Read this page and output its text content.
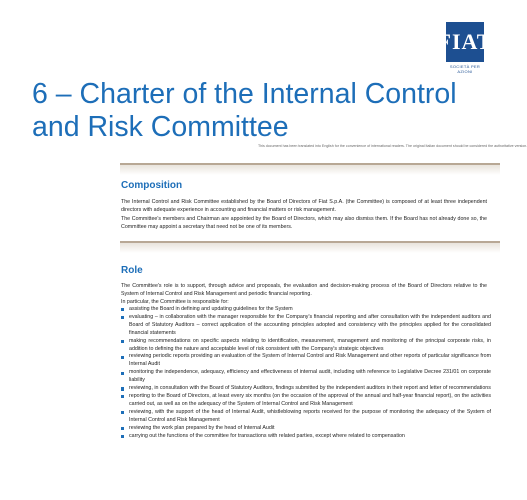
FIAT
SOCIETÀ PER AZIONI
6 – Charter of the Internal Control and Risk Committee
This document has been translated into English for the convenience of international readers. The original Italian document should be considered the authoritative version.
Composition

The Internal Control and Risk Committee established by the Board of Directors of Fiat S.p.A. (the Committee) is composed of at least three independent directors with adequate experience in accounting and financial matters or risk management.

The Committee's members and Chairman are appointed by the Board of Directors, which may also dismiss them. If the Board has not already done so, the Committee may appoint a secretary that need not be one of its members.

Role

The Committee's role is to support, through advice and proposals, the evaluation and decision-making process of the Board of Directors relative to the System of Internal Control and Risk Management and periodic financial reporting.

In particular, the Committee is responsible for:

assisting the Board in defining and updating guidelines for the System
evaluating – in collaboration with the manager responsible for the Company's financial reporting and after consultation with the independent auditors and Board of Statutory Auditors – correct application of the accounting principles adopted and consistency with the principles applied for the consolidated financial statements
making recommendations on specific aspects relating to identification, measurement, management and monitoring of the principal corporate risks, in addition to defining the nature and acceptable level of risk consistent with the Company's strategic objectives
reviewing periodic reports providing an evaluation of the System of Internal Control and Risk Management and other reports of particular significance from Internal Audit
monitoring the independence, adequacy, efficiency and effectiveness of internal audit, including with reference to Legislative Decree 231/01 on corporate liability
reviewing, in consultation with the Board of Statutory Auditors, findings submitted by the independent auditors in their report and letter of recommendations
reporting to the Board of Directors, at least every six months (on the occasion of the approval of the annual and half-year financial report), on the activities carried out, as well as on the adequacy of the System of Internal Control and Risk Management
reviewing, with the support of the head of Internal Audit, whistleblowing reports received for the purpose of monitoring the adequacy of the System of Internal Control and Risk Management
reviewing the work plan prepared by the head of Internal Audit
carrying out the functions of the committee for transactions with related parties, except where related to compensation
